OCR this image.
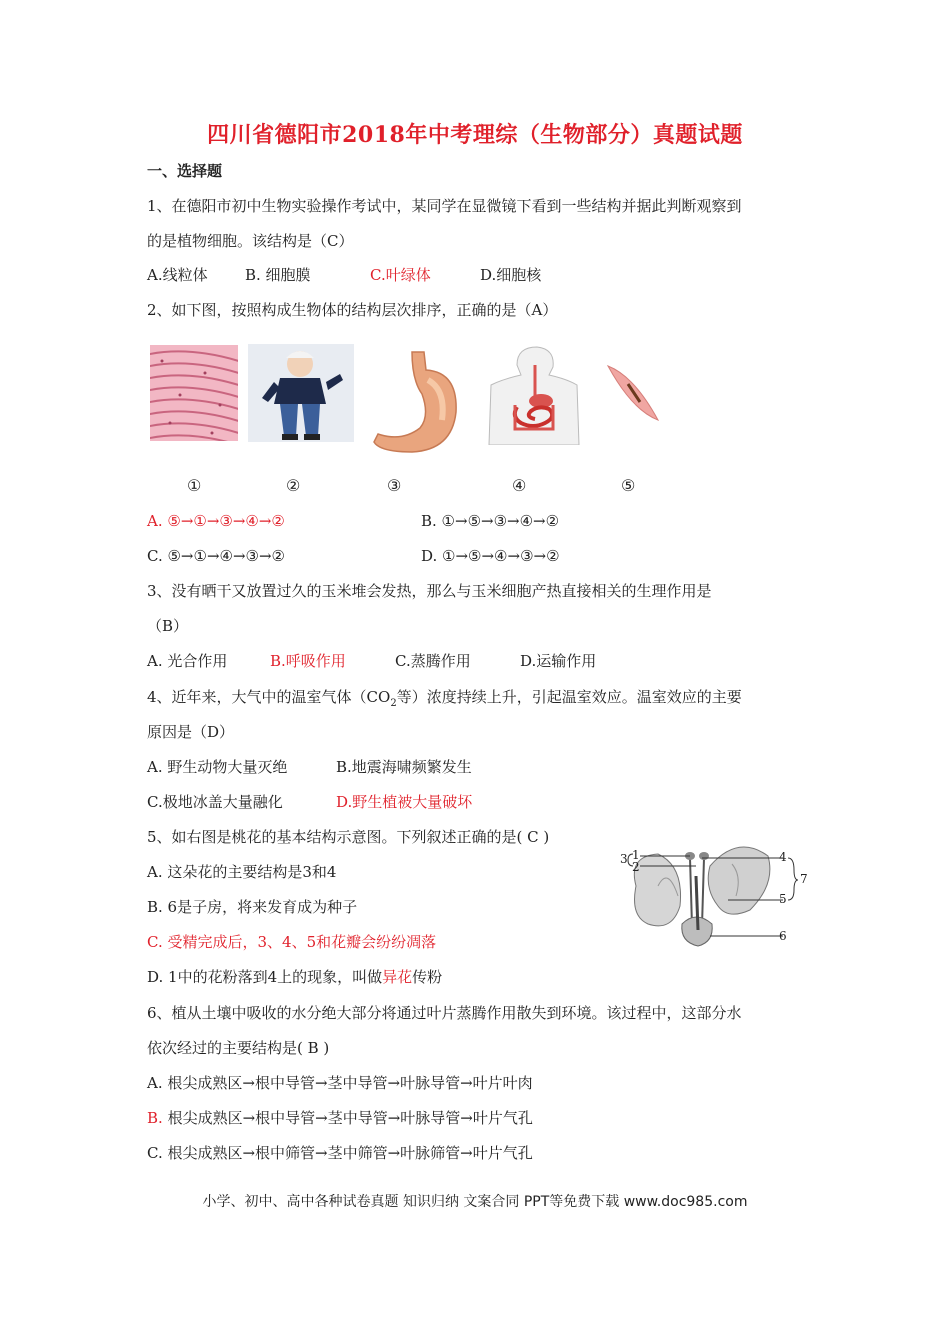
四川省德阳市2018年中考理综（生物部分）真题试题
一、选择题
1、在德阳市初中生物实验操作考试中，某同学在显微镜下看到一些结构并据此判断观察到
的是植物细胞。该结构是（C）
A.线粒体 B. 细胞膜	C.叶绿体	D.细胞核
2、如下图，按照构成生物体的结构层次排序，正确的是（A）
①	②	③	④	⑤
A. ⑤→①→③→④→②	B. ①→⑤→③→④→②
C. ⑤→①→④→③→②	D. ①→⑤→④→③→②
3、没有晒干又放置过久的玉米堆会发热，那么与玉米细胞产热直接相关的生理作用是
（B）
A. 光合作用	B.呼吸作用	C.蒸腾作用	D.运输作用
4、近年来，大气中的温室气体（$CO_2$等）浓度持续上升，引起温室效应。温室效应的主要
原因是（D）
A. 野生动物大量灭绝	B.地震海啸频繁发生
C.极地冰盖大量融化	D.野生植被大量破坏
5、如右图是桃花的基本结构示意图。下列叙述正确的是( C )
A. 这朵花的主要结构是3和4
B. 6是子房，将来发育成为种子
C. 受精完成后，3、4、5和花瓣会纷纷凋落
D. 1中的花粉落到4上的现象，叫做异花传粉
3 1
2
4
5
7
6
6、植从土壤中吸收的水分绝大部分将通过叶片蒸腾作用散失到环境。该过程中，这部分水
依次经过的主要结构是( B )
A. 根尖成熟区→根中导管→茎中导管→叶脉导管→叶片叶肉
B. 根尖成熟区→根中导管→茎中导管→叶脉导管→叶片气孔
C. 根尖成熟区→根中筛管→茎中筛管→叶脉筛管→叶片气孔
小学、初中、高中各种试卷真题 知识归纳 文案合同 PPT等免费下载 www.doc985.com
